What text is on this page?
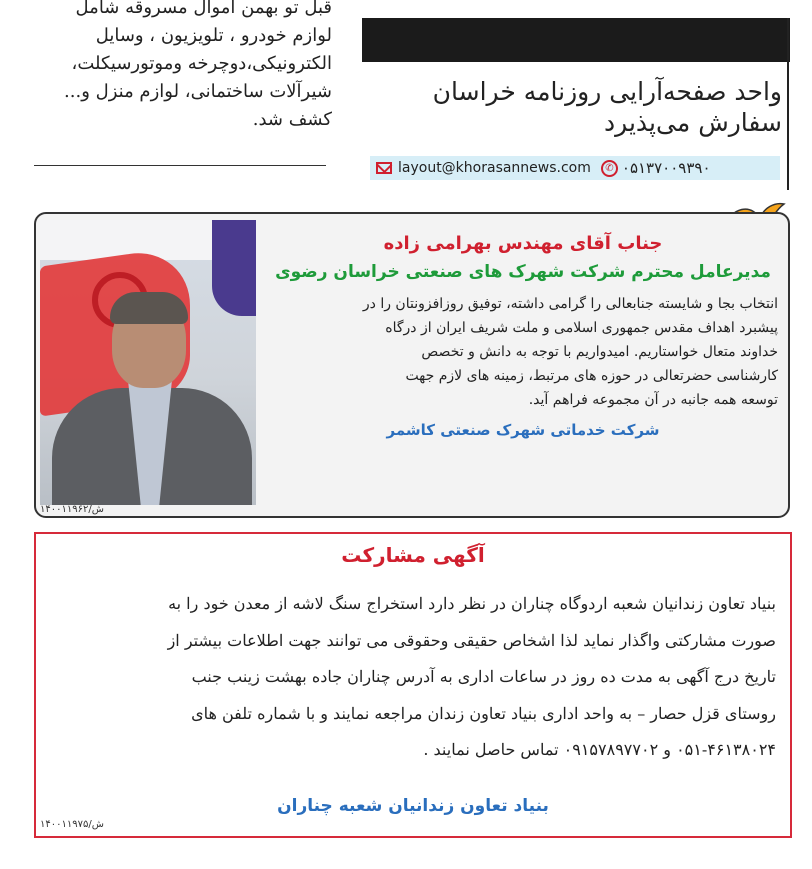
قبل تو بهمن اموال مسروقه شامل
لوازم خودرو ، تلویزیون ، وسایل
الکترونیکی،دوچرخه وموتورسیکلت،
شیرآلات ساختمانی، لوازم منزل و...
کشف شد.
واحد صفحه‌آرایی روزنامه خراسان
سفارش می‌پذیرد
layout@khorasannews.com	✆ ۰۵۱۳۷۰۰۹۳۹۰
۱۴۰۰۱۱۹۶۲/ش
جناب آقای مهندس بهرامی زاده
مدیرعامل محترم شرکت شهرک های صنعتی خراسان رضوی
انتخاب بجا و شایسته جنابعالی را گرامی داشته، توفیق روزافزونتان را در
پیشبرد اهداف مقدس جمهوری اسلامی و ملت شریف ایران از درگاه
خداوند متعال خواستاریم. امیدواریم با توجه به دانش و تخصص
کارشناسی حضرتعالی در حوزه های مرتبط، زمینه های لازم جهت
توسعه همه جانبه در آن مجموعه فراهم آید.
شرکت خدماتی شهرک صنعتی کاشمر
آگهی مشارکت
بنیاد تعاون زندانیان شعبه اردوگاه چناران در نظر دارد استخراج سنگ لاشه از معدن خود را به
صورت مشارکتی واگذار نماید لذا اشخاص حقیقی وحقوقی می توانند جهت اطلاعات بیشتر از
تاریخ درج آگهی به مدت ده روز در ساعات اداری به آدرس چناران جاده بهشت زینب جنب
روستای قزل حصار – به واحد اداری بنیاد تعاون زندان مراجعه نمایند و با شماره تلفن های
۰۵۱-۴۶۱۳۸۰۲۴ و ۰۹۱۵۷۸۹۷۷۰۲ تماس حاصل نمایند .
بنیاد تعاون زندانیان شعبه چناران
۱۴۰۰۱۱۹۷۵/ش
